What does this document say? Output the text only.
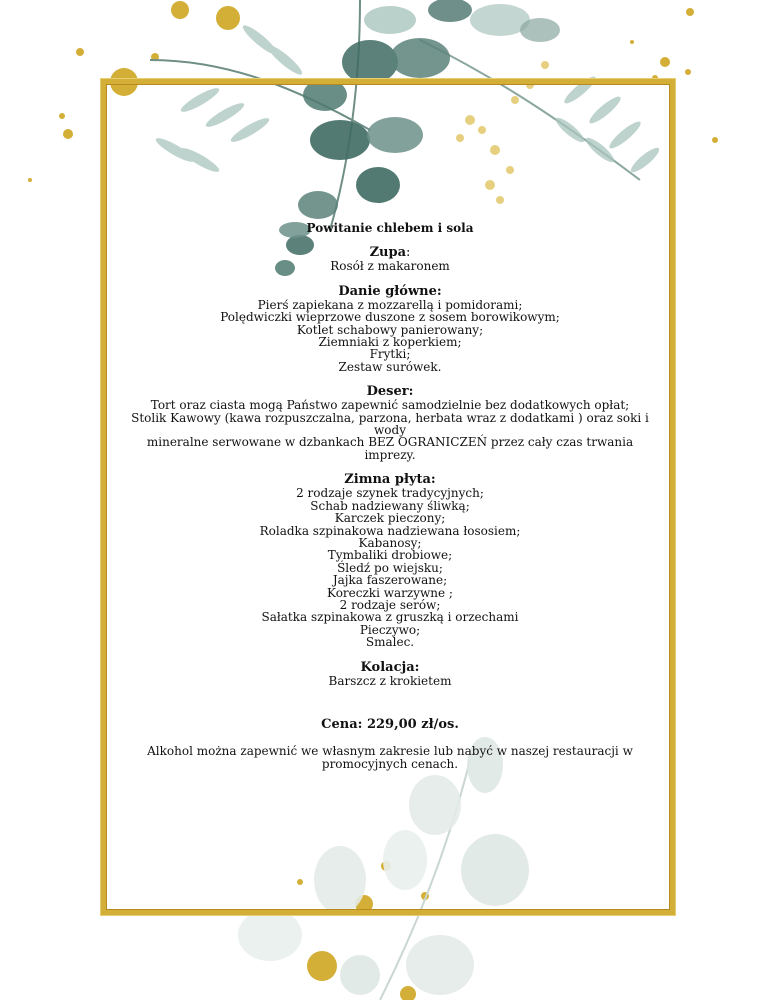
Powitanie chlebem i sola
Zupa:
Rosół z makaronem
Danie główne:
Pierś zapiekana z mozzarellą i pomidorami;
Polędwiczki wieprzowe duszone z sosem borowikowym;
Kotlet schabowy panierowany;
Ziemniaki z koperkiem;
Frytki;
Zestaw surówek.
Deser:
Tort oraz ciasta mogą Państwo zapewnić samodzielnie bez dodatkowych opłat;
Stolik Kawowy (kawa rozpuszczalna, parzona, herbata wraz z dodatkami ) oraz soki i wody
mineralne serwowane w dzbankach BEZ OGRANICZEŃ przez cały czas trwania imprezy.
Zimna płyta:
2 rodzaje szynek tradycyjnych;
Schab nadziewany śliwką;
Karczek pieczony;
Roladka szpinakowa nadziewana łososiem;
Kabanosy;
Tymbaliki drobiowe;
Śledź po wiejsku;
Jajka faszerowane;
Koreczki warzywne ;
2 rodzaje serów;
Sałatka szpinakowa z gruszką i orzechami
Pieczywo;
Smalec.
Kolacja:
Barszcz z krokietem
Cena: 229,00 zł/os.
Alkohol można zapewnić we własnym zakresie lub nabyć w naszej restauracji w promocyjnych cenach.
